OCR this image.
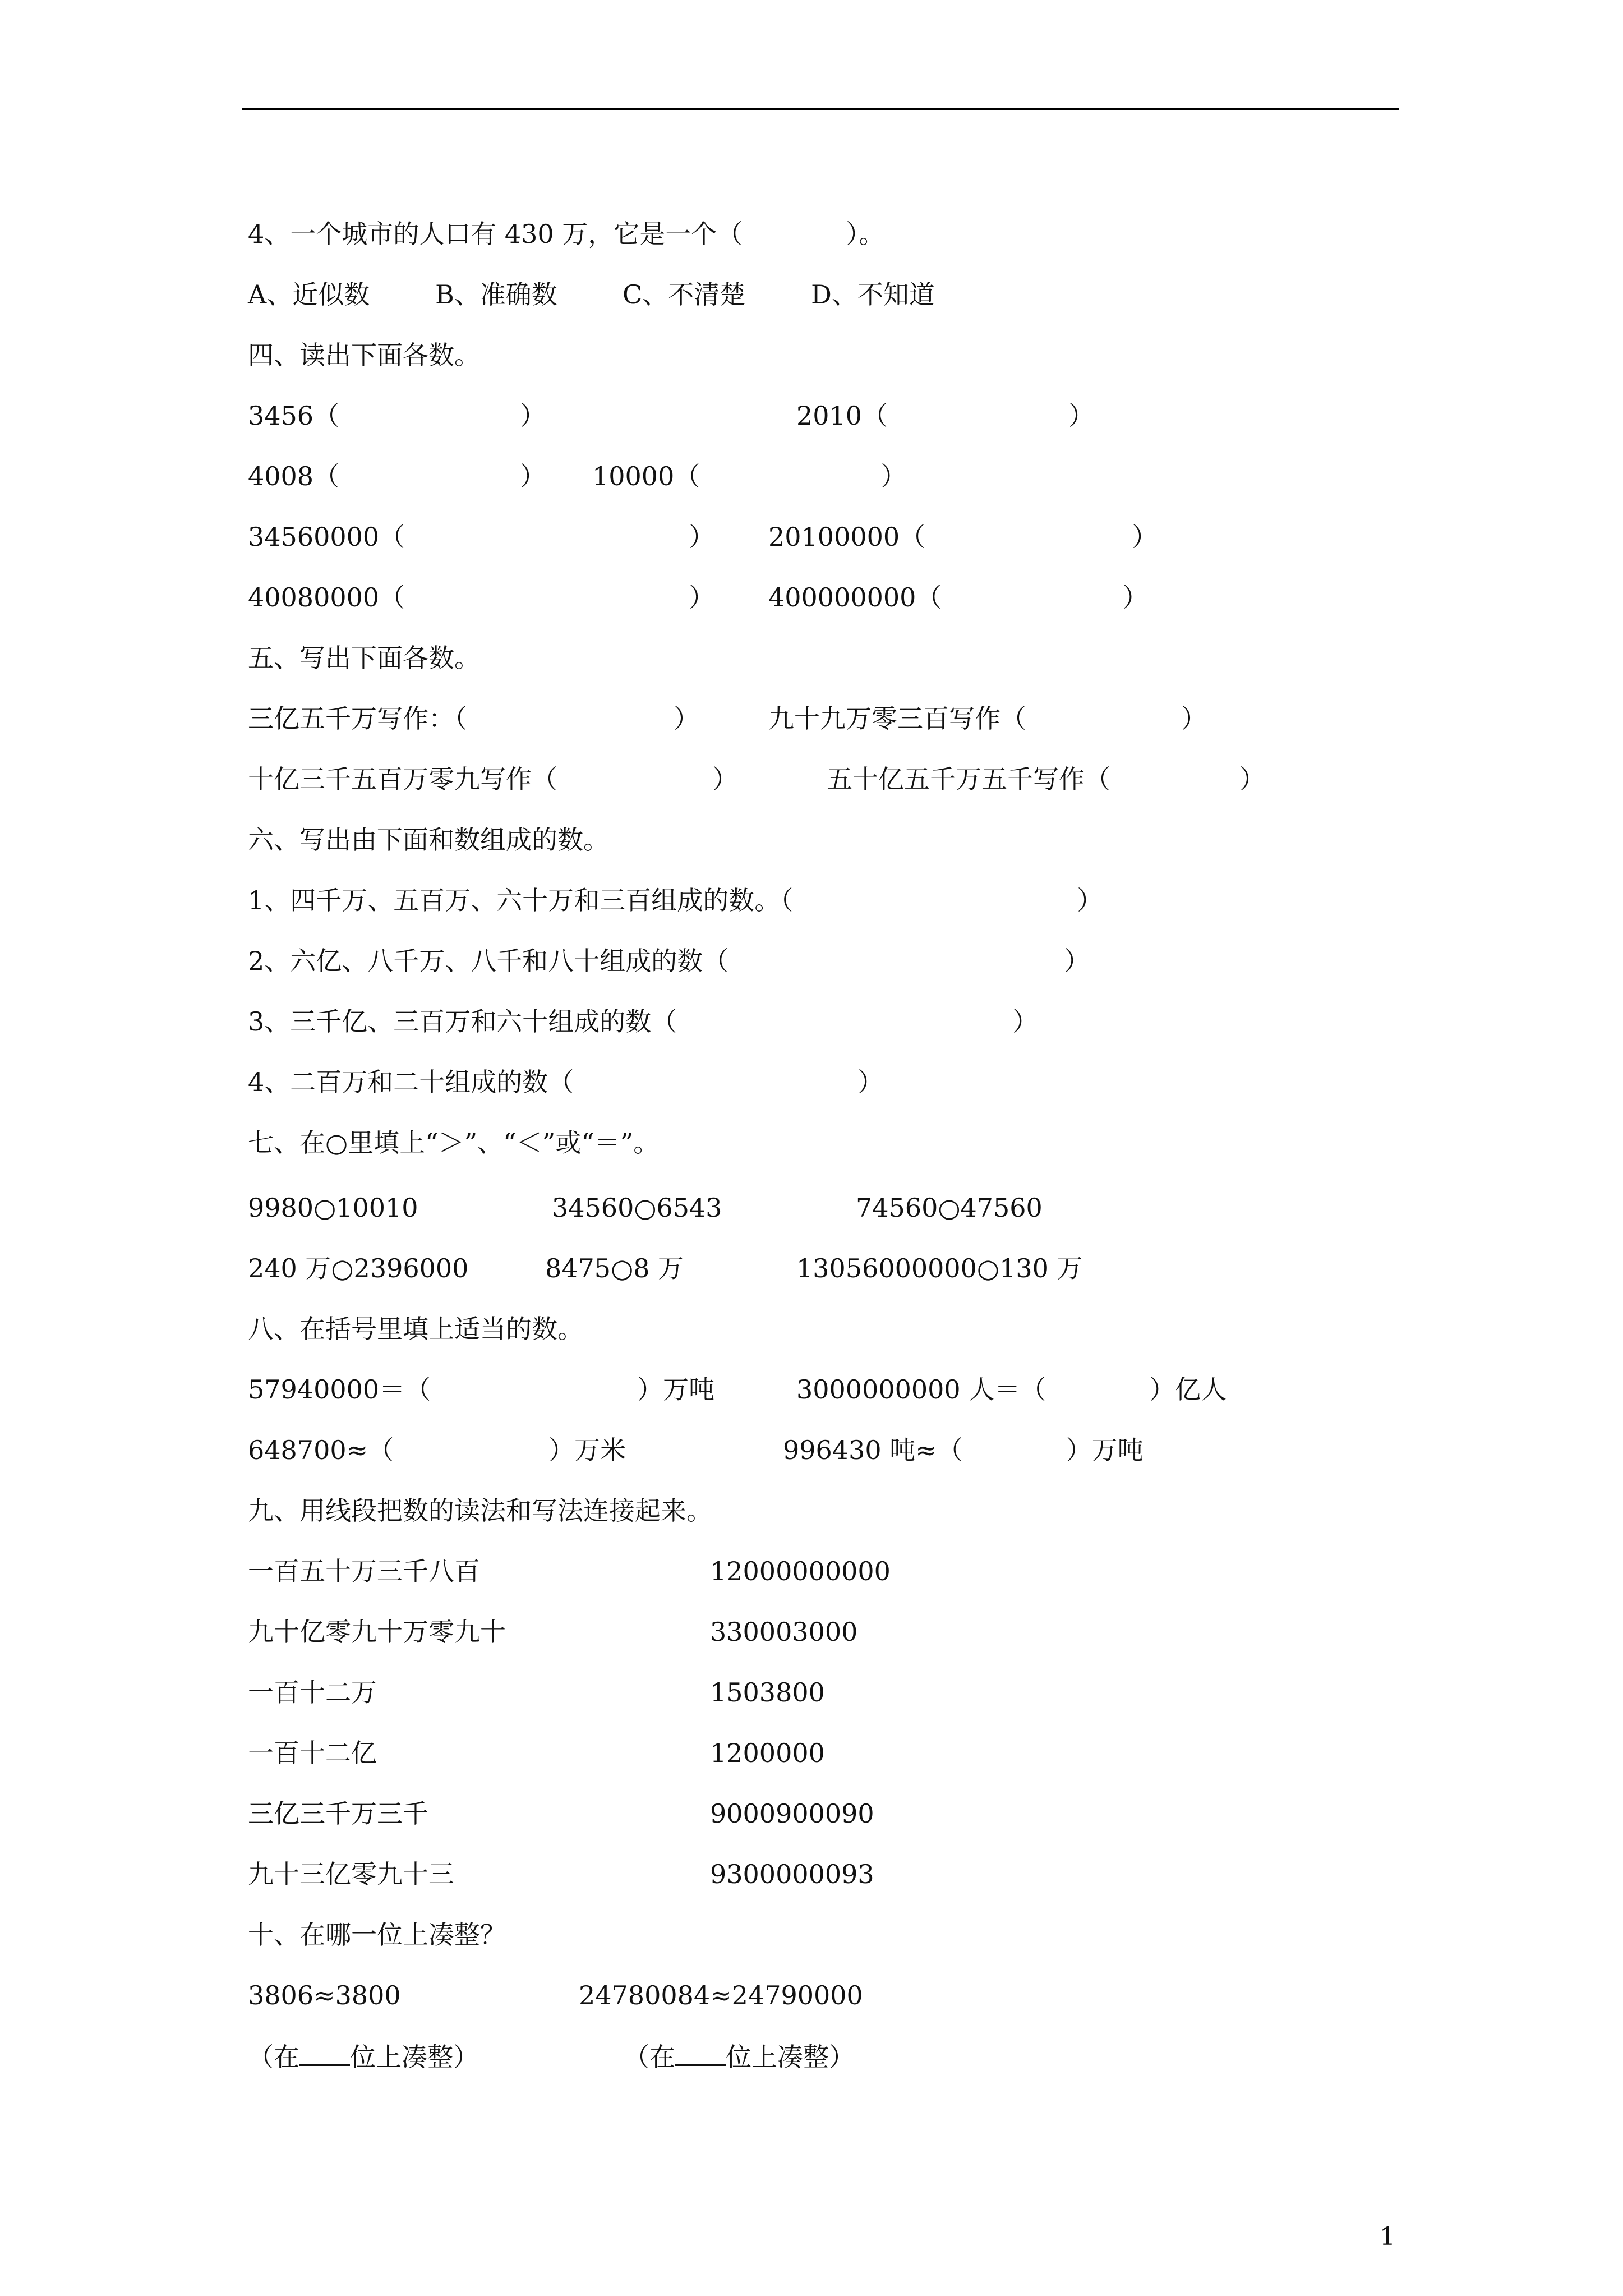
4、一个城市的人口有 430 万，它是一个（　　　　）。
A、近似数	B、准确数	C、不清楚	D、不知道
四、读出下面各数。
3456（　　　　　　　）	2010（　　　　　　　）
4008（　　　　　　　） 10000（　　　　　　　）
34560000（　　　　　　　　　　　） 20100000（　　　　　　　　）
40080000（　　　　　　　　　　　） 400000000（　　　　　　　）
五、写出下面各数。
三亿五千万写作：（　　　　　　　　）	九十九万零三百写作（　　　　　　）
十亿三千五百万零九写作（　　　　　　）	五十亿五千万五千写作（　　　　　）
六、写出由下面和数组成的数。
1、四千万、五百万、六十万和三百组成的数。（　　　　　　　　　　　）
2、六亿、八千万、八千和八十组成的数（　　　　　　　　　　　　　）
3、三千亿、三百万和六十组成的数（　　　　　　　　　　　　　）
4、二百万和二十组成的数（　　　　　　　　　　　）
七、在○里填上“＞”、“＜”或“＝”。
9980○10010	34560○6543	74560○47560
240 万○2396000	8475○8 万	13056000000○130 万
八、在括号里填上适当的数。
57940000＝（　　　　　　　　）万吨	3000000000 人＝（　　　　）亿人
648700≈（　　　　　　）万米	996430 吨≈（　　　　）万吨
九、用线段把数的读法和写法连接起来。
一百五十万三千八百	12000000000
九十亿零九十万零九十	330003000
一百十二万	1503800
一百十二亿	1200000
三亿三千万三千	9000900090
九十三亿零九十三	9300000093
十、在哪一位上凑整？
3806≈3800	24780084≈24790000
（在 位上凑整）	（在 位上凑整）
1
